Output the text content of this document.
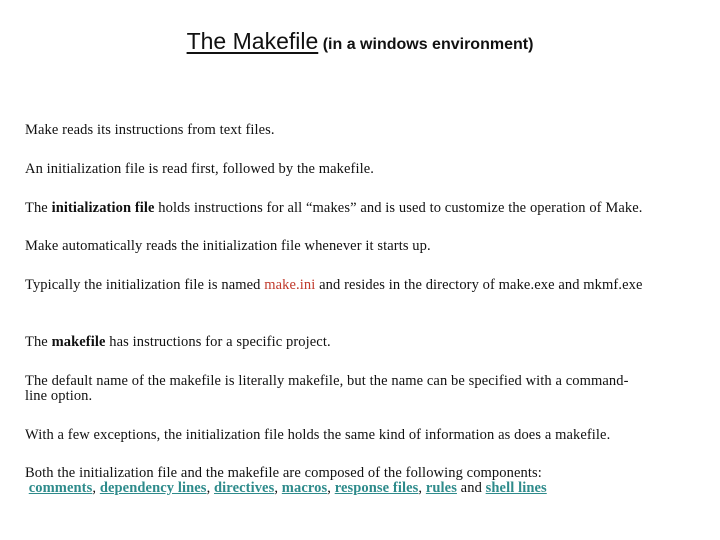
The Makefile (in a windows environment)

Make reads its instructions from text files.

An initialization file is read first, followed by the makefile.

The initialization file holds instructions for all “makes” and is used to customize the operation of Make.

Make automatically reads the initialization file whenever it starts up.

Typically the initialization file is named make.ini and resides in the directory of make.exe and mkmf.exe

The makefile has instructions for a specific project.

The default name of the makefile is literally makefile, but the name can be specified with a command-
line option.

With a few exceptions, the initialization file holds the same kind of information as does a makefile.

Both the initialization file and the makefile are composed of the following components:
comments, dependency lines, directives, macros, response files, rules and shell lines
